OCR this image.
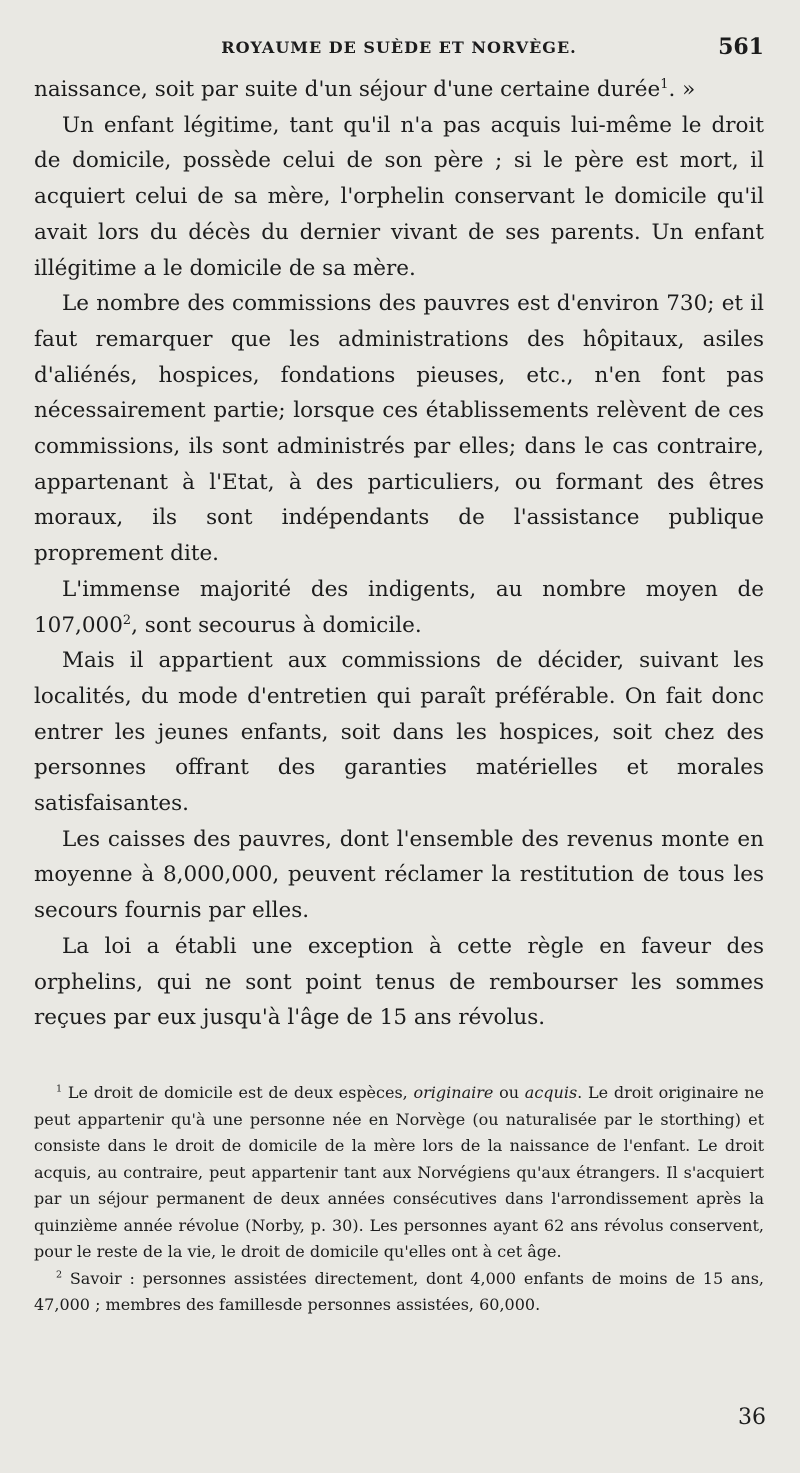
ROYAUME DE SUÈDE ET NORVÈGE.	561

naissance, soit par suite d'un séjour d'une certaine durée$^1$. »

Un enfant légitime, tant qu'il n'a pas acquis lui-même le droit de domicile, possède celui de son père ; si le père est mort, il acquiert celui de sa mère, l'orphelin conservant le domicile qu'il avait lors du décès du dernier vivant de ses parents. Un enfant illégitime a le domicile de sa mère.

Le nombre des commissions des pauvres est d'environ 730; et il faut remarquer que les administrations des hôpitaux, asiles d'aliénés, hospices, fondations pieuses, etc., n'en font pas nécessairement partie; lorsque ces établissements relèvent de ces commissions, ils sont administrés par elles; dans le cas contraire, appartenant à l'Etat, à des particuliers, ou formant des êtres moraux, ils sont indépendants de l'assistance publique proprement dite.

L'immense majorité des indigents, au nombre moyen de 107,000$^2$, sont secourus à domicile.

Mais il appartient aux commissions de décider, suivant les localités, du mode d'entretien qui paraît préférable. On fait donc entrer les jeunes enfants, soit dans les hospices, soit chez des personnes offrant des garanties matérielles et morales satisfaisantes.

Les caisses des pauvres, dont l'ensemble des revenus monte en moyenne à 8,000,000, peuvent réclamer la restitution de tous les secours fournis par elles.

La loi a établi une exception à cette règle en faveur des orphelins, qui ne sont point tenus de rembourser les sommes reçues par eux jusqu'à l'âge de 15 ans révolus.

$^1$ Le droit de domicile est de deux espèces, originaire ou acquis. Le droit originaire ne peut appartenir qu'à une personne née en Norvège (ou naturalisée par le storthing) et consiste dans le droit de domicile de la mère lors de la naissance de l'enfant. Le droit acquis, au contraire, peut appartenir tant aux Norvégiens qu'aux étrangers. Il s'acquiert par un séjour permanent de deux années consécutives dans l'arrondissement après la quinzième année révolue (Norby, p. 30). Les personnes ayant 62 ans révolus conservent, pour le reste de la vie, le droit de domicile qu'elles ont à cet âge.

$^2$ Savoir : personnes assistées directement, dont 4,000 enfants de moins de 15 ans, 47,000 ; membres des famillesde personnes assistées, 60,000.

36
